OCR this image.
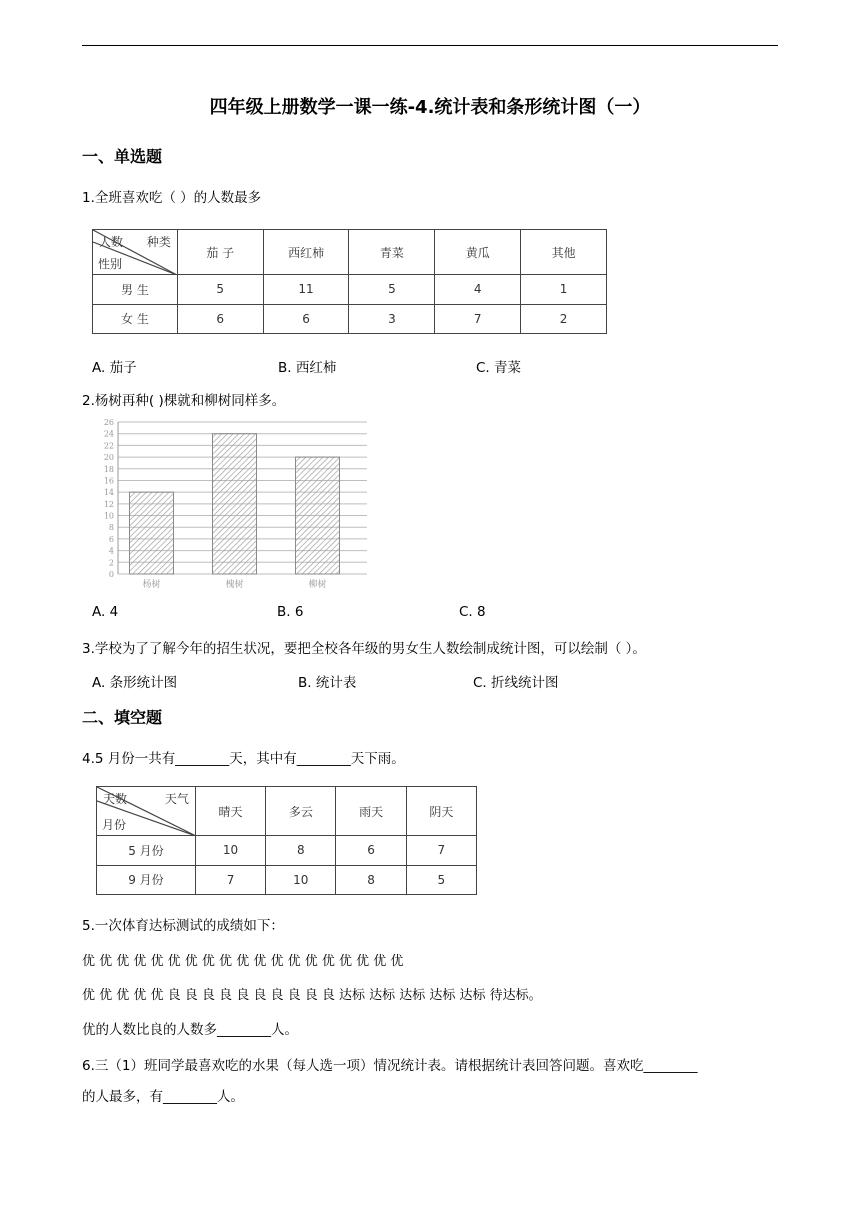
四年级上册数学一课一练-4.统计表和条形统计图（一）
一、单选题
1.全班喜欢吃（ ）的人数最多
种类
人数
性别	茄 子	西红柿	青菜	黄瓜	其他
男 生	5	11	5	4	1
女 生	6	6	3	7	2
A. 茄子	B. 西红柿	C. 青菜
2.杨树再种( )棵就和柳树同样多。
0
2
4
6
8
10
12
14
16
18
20
22
24
26
杨树	槐树	柳树
A. 4	B. 6	C. 8
3.学校为了了解今年的招生状况，要把全校各年级的男女生人数绘制成统计图，可以绘制（ ）。
A. 条形统计图	B. 统计表	C. 折线统计图
二、填空题
4.5 月份一共有________天，其中有________天下雨。
天气
天数
月份	晴天	多云	雨天	阴天
5 月份	10	8	6	7
9 月份	7	10	8	5
5.一次体育达标测试的成绩如下：
优 优 优 优 优 优 优 优 优 优 优 优 优 优 优 优 优 优 优
优 优 优 优 优 良 良 良 良 良 良 良 良 良 良 达标 达标 达标 达标 达标 待达标。
优的人数比良的人数多________人。
6.三（1）班同学最喜欢吃的水果（每人选一项）情况统计表。请根据统计表回答问题。喜欢吃________
的人最多，有________人。
